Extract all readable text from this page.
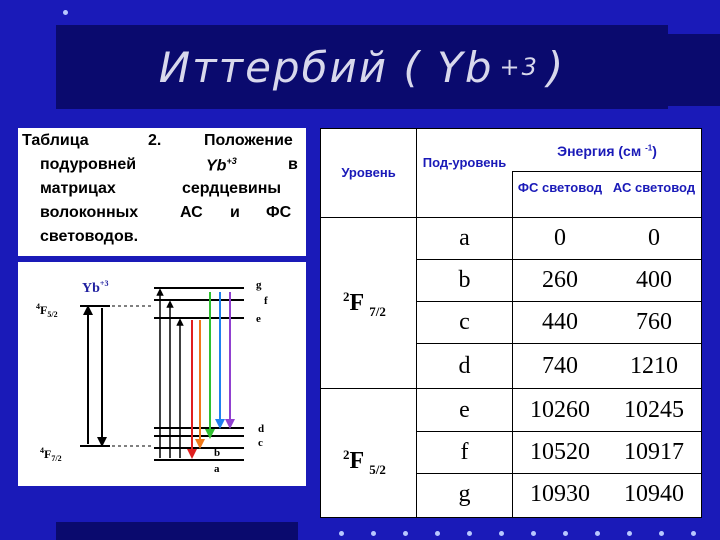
Иттербий ( Yb +3 )
Таблица	2.	Положение
подуровней	$Yb^{+3}$	в
матрицах	сердцевины
волоконных	АС и ФС
световодов.
$Yb^{+3}$
$^4F_{5/2}$
$^4F_{7/2}$
g
f
e
d
c
b
a
Уровень
Под-уровень
Энергия (см $^{-1}$)
ФС световод АС световод
$^2$F $_{7/2}$
$^2$F $_{5/2}$
a	0	0
b	260	400
c	440	760
d	740	1210
e	10260	10245
f	10520	10917
g	10930	10940
